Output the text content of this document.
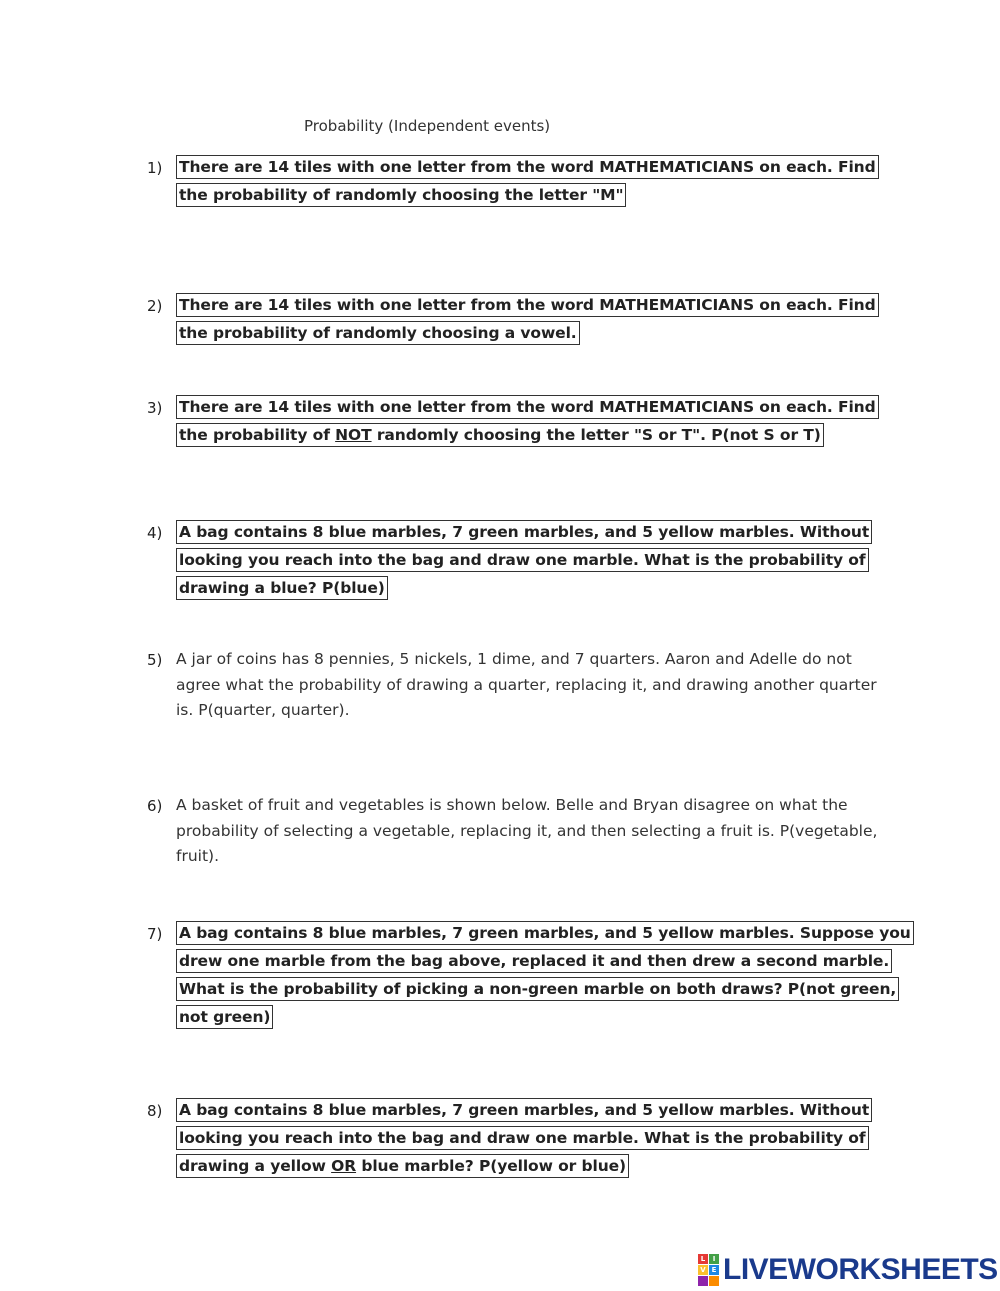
Probability (Independent events)
1) There are 14 tiles with one letter from the word MATHEMATICIANS on each. Find
the probability of randomly choosing the letter "M"
2) There are 14 tiles with one letter from the word MATHEMATICIANS on each. Find
the probability of randomly choosing a vowel.
3) There are 14 tiles with one letter from the word MATHEMATICIANS on each. Find
the probability of NOT randomly choosing the letter "S or T". P(not S or T)
4) A bag contains 8 blue marbles, 7 green marbles, and 5 yellow marbles. Without
looking you reach into the bag and draw one marble. What is the probability of
drawing a blue? P(blue)
5) A jar of coins has 8 pennies, 5 nickels, 1 dime, and 7 quarters. Aaron and Adelle do not
agree what the probability of drawing a quarter, replacing it, and drawing another quarter
is. P(quarter, quarter).
6) A basket of fruit and vegetables is shown below. Belle and Bryan disagree on what the
probability of selecting a vegetable, replacing it, and then selecting a fruit is. P(vegetable,
fruit).
7) A bag contains 8 blue marbles, 7 green marbles, and 5 yellow marbles. Suppose you
drew one marble from the bag above, replaced it and then drew a second marble.
What is the probability of picking a non-green marble on both draws? P(not green,
not green)
8) A bag contains 8 blue marbles, 7 green marbles, and 5 yellow marbles. Without
looking you reach into the bag and draw one marble. What is the probability of
drawing a yellow OR blue marble? P(yellow or blue)
L	I
V E LIVEWORKSHEETS
